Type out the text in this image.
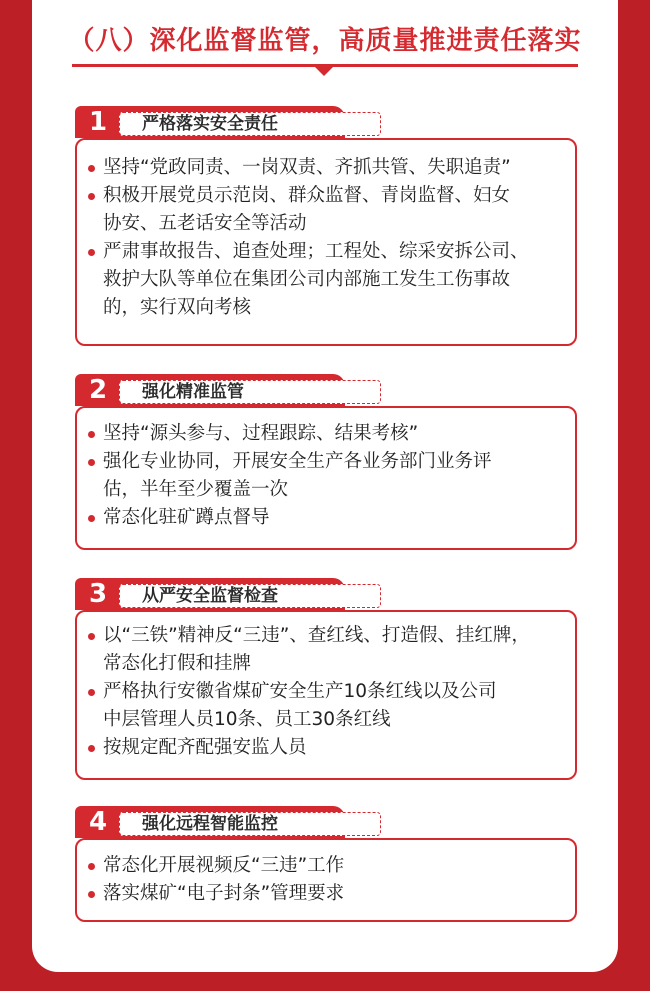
（八）深化监督监管，高质量推进责任落实
1 严格落实安全责任
坚持“党政同责、一岗双责、齐抓共管、失职追责”
积极开展党员示范岗、群众监督、青岗监督、妇女
协安、五老话安全等活动
严肃事故报告、追查处理；工程处、综采安拆公司、
救护大队等单位在集团公司内部施工发生工伤事故
的，实行双向考核
2 强化精准监管
坚持“源头参与、过程跟踪、结果考核”
强化专业协同，开展安全生产各业务部门业务评
估，半年至少覆盖一次
常态化驻矿蹲点督导
3 从严安全监督检查
以“三铁”精神反“三违”、查红线、打造假、挂红牌，
常态化打假和挂牌
严格执行安徽省煤矿安全生产10条红线以及公司
中层管理人员10条、员工30条红线
按规定配齐配强安监人员
4 强化远程智能监控
常态化开展视频反“三违”工作
落实煤矿“电子封条”管理要求
